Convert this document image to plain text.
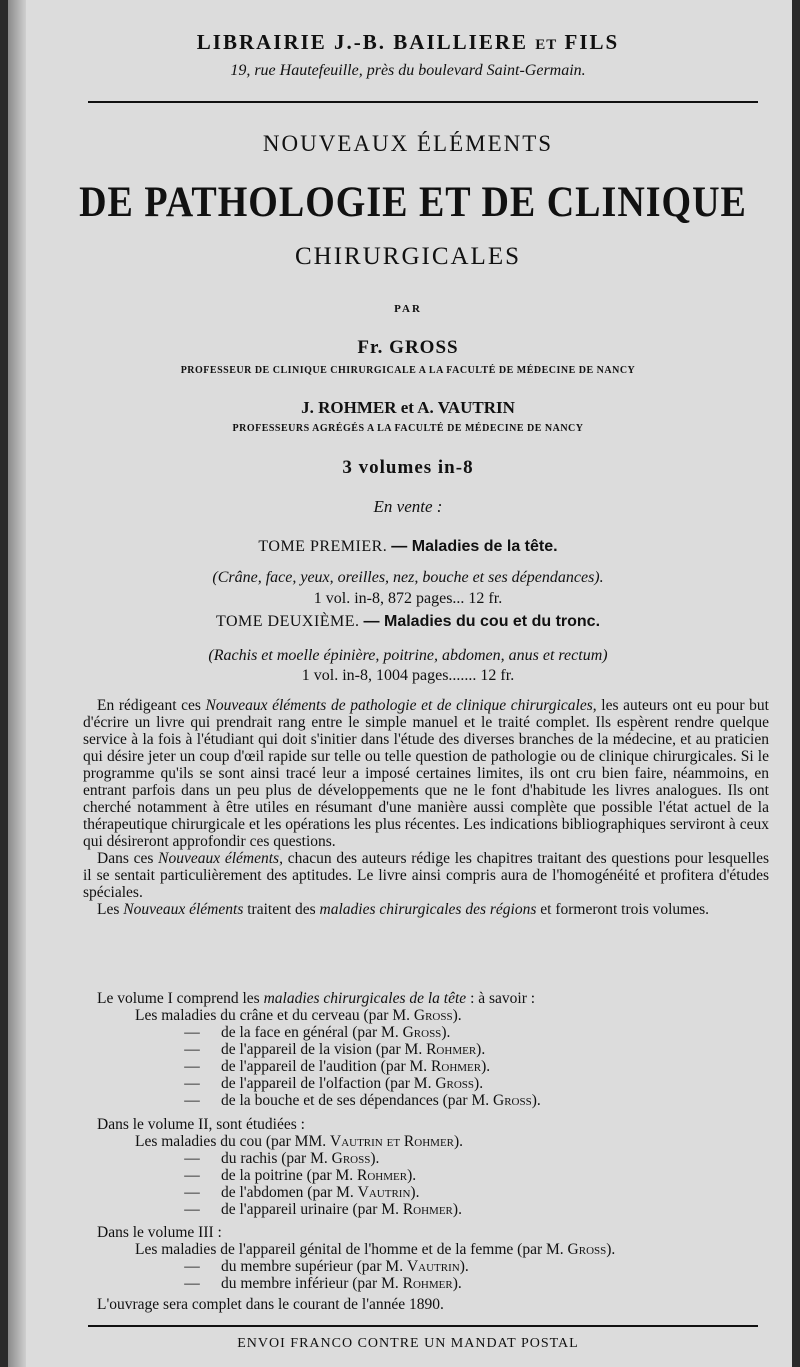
LIBRAIRIE J.-B. BAILLIERE ET FILS
19, rue Hautefeuille, près du boulevard Saint-Germain.
NOUVEAUX ÉLÉMENTS
DE PATHOLOGIE ET DE CLINIQUE
CHIRURGICALES
PAR
Fr. GROSS
PROFESSEUR DE CLINIQUE CHIRURGICALE A LA FACULTÉ DE MÉDECINE DE NANCY
J. ROHMER et A. VAUTRIN
PROFESSEURS AGRÉGÉS A LA FACULTÉ DE MÉDECINE DE NANCY
3 volumes in-8
En vente :
TOME PREMIER. — Maladies de la tête.
(Crâne, face, yeux, oreilles, nez, bouche et ses dépendances).
1 vol. in-8, 872 pages... 12 fr.
TOME DEUXIÈME. — Maladies du cou et du tronc.
(Rachis et moelle épinière, poitrine, abdomen, anus et rectum)
1 vol. in-8, 1004 pages....... 12 fr.

En rédigeant ces Nouveaux éléments de pathologie et de clinique chirurgicales, les auteurs ont eu pour but d'écrire un livre qui prendrait rang entre le simple manuel et le traité complet. Ils espèrent rendre quelque service à la fois à l'étudiant qui doit s'initier dans l'étude des diverses branches de la médecine, et au praticien qui désire jeter un coup d'œil rapide sur telle ou telle question de pathologie ou de clinique chirurgicales. Si le programme qu'ils se sont ainsi tracé leur a imposé certaines limites, ils ont cru bien faire, néammoins, en entrant parfois dans un peu plus de développements que ne le font d'habitude les livres analogues. Ils ont cherché notamment à être utiles en résumant d'une manière aussi complète que possible l'état actuel de la thérapeutique chirurgicale et les opérations les plus récentes. Les indications bibliographiques serviront à ceux qui désireront approfondir ces questions.

Dans ces Nouveaux éléments, chacun des auteurs rédige les chapitres traitant des questions pour lesquelles il se sentait particulièrement des aptitudes. Le livre ainsi compris aura de l'homogénéité et profitera d'études spéciales.

Les Nouveaux éléments traitent des maladies chirurgicales des régions et formeront trois volumes.

Le volume I comprend les maladies chirurgicales de la tête : à savoir :
Les maladies du crâne et du cerveau (par M. Gross).
— de la face en général (par M. Gross).
— de l'appareil de la vision (par M. Rohmer).
— de l'appareil de l'audition (par M. Rohmer).
— de l'appareil de l'olfaction (par M. Gross).
— de la bouche et de ses dépendances (par M. Gross).
Dans le volume II, sont étudiées :
Les maladies du cou (par MM. Vautrin et Rohmer).
— du rachis (par M. Gross).
— de la poitrine (par M. Rohmer).
— de l'abdomen (par M. Vautrin).
— de l'appareil urinaire (par M. Rohmer).
Dans le volume III :
Les maladies de l'appareil génital de l'homme et de la femme (par M. Gross).
— du membre supérieur (par M. Vautrin).
— du membre inférieur (par M. Rohmer).
L'ouvrage sera complet dans le courant de l'année 1890.
ENVOI FRANCO CONTRE UN MANDAT POSTAL
